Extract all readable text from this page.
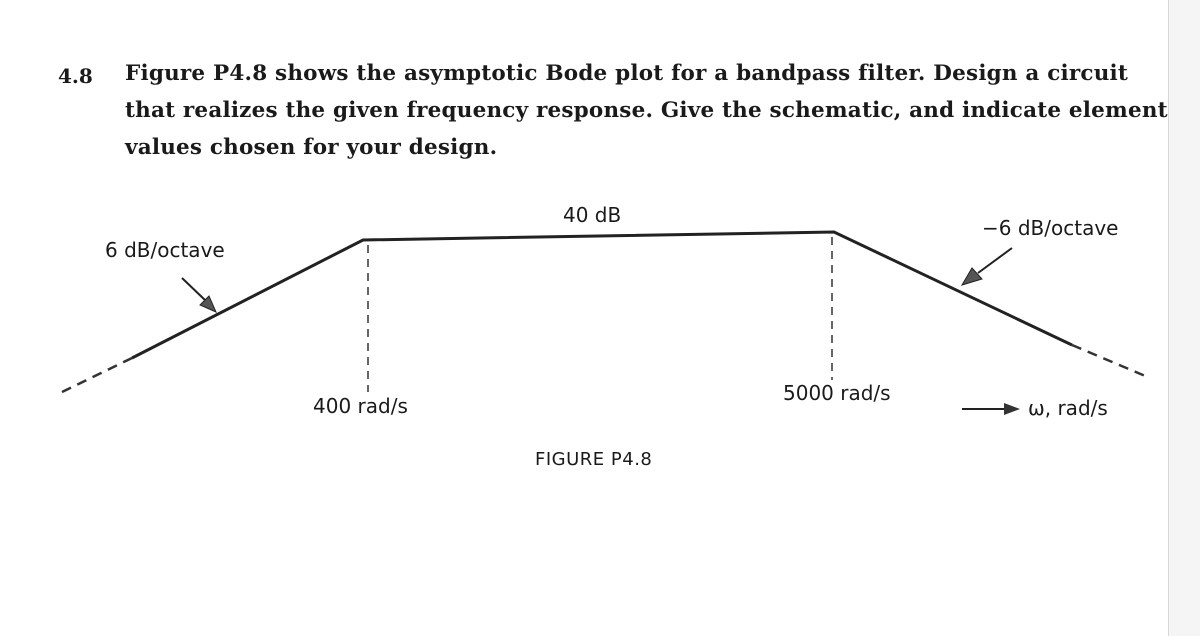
4.8 Figure P4.8 shows the asymptotic Bode plot for a bandpass filter. Design a circuit
that realizes the given frequency response. Give the schematic, and indicate element
values chosen for your design.
40 dB
6 dB/octave
−6 dB/octave
400 rad/s
5000 rad/s
ω, rad/s
FIGURE P4.8
